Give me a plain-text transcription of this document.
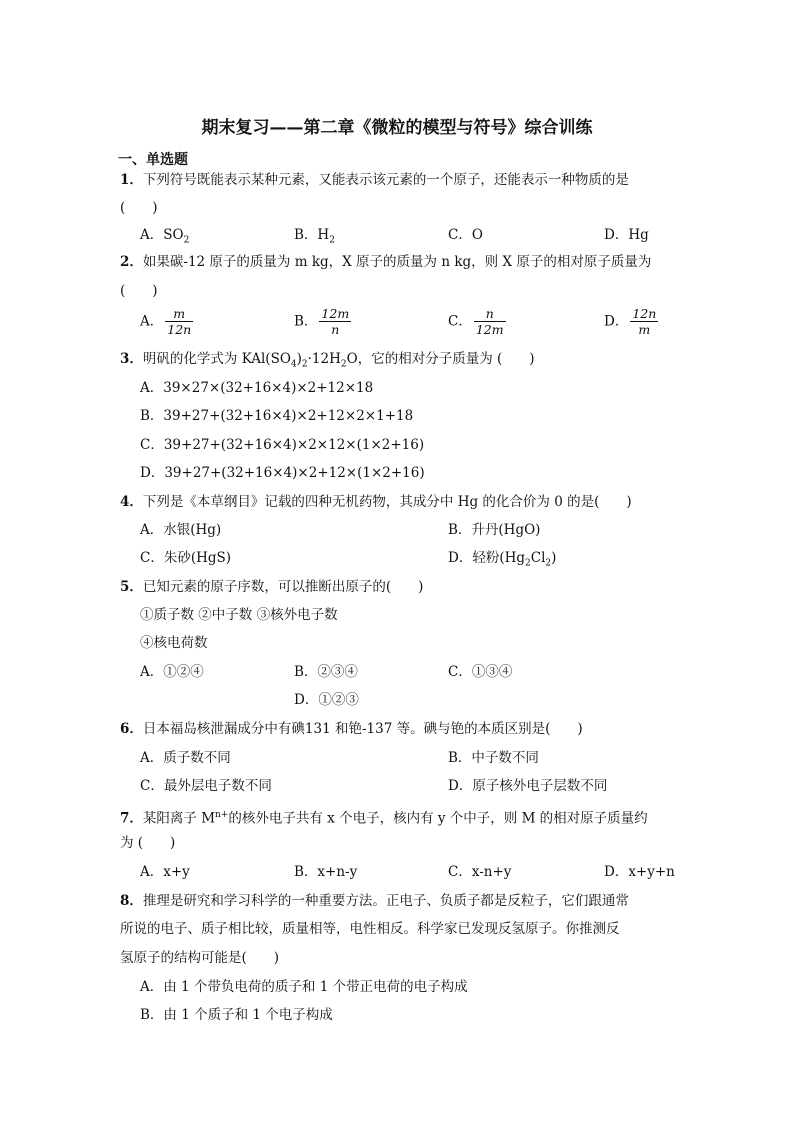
期末复习——第二章《微粒的模型与符号》综合训练
一、单选题
1．下列符号既能表示某种元素，又能表示该元素的一个原子，还能表示一种物质的是
(　　)
A．$SO_2$	B．$H_2$	C．O	D．Hg
2．如果碳-12 原子的质量为 m kg，X 原子的质量为 n kg，则 X 原子的相对原子质量为
(　　)
A． $\frac{m}{12n}$	B． $\frac{12m}{n}$	C． $\frac{n}{12m}$	D． $\frac{12n}{m}$
3．明矾的化学式为 $KAl(SO_4)_2\cdot 12H_2O$，它的相对分子质量为 (　　)
A．39×27×(32+16×4)×2+12×18
B．39+27+(32+16×4)×2+12×2×1+18
C．39+27+(32+16×4)×2×12×(1×2+16)
D．39+27+(32+16×4)×2+12×(1×2+16)
4．下列是《本草纲目》记载的四种无机药物，其成分中 Hg 的化合价为 0 的是(　　)
A．水银(Hg)	B．升丹(HgO)
C．朱砂(HgS)	D．轻粉$(Hg_2Cl_2)$
5．已知元素的原子序数，可以推断出原子的(　　)
①质子数 ②中子数 ③核外电子数
④核电荷数
A．①②④	B．②③④	C．①③④
D．①②③
6．日本福岛核泄漏成分中有碘131 和铯-137 等。碘与铯的本质区别是(　　)
A．质子数不同	B．中子数不同
C．最外层电子数不同	D．原子核外电子层数不同
7．某阳离子 $M^{n+}$的核外电子共有 x 个电子，核内有 y 个中子，则 M 的相对原子质量约
为 (　　)
A．x+y	B．x+n-y	C．x-n+y	D．x+y+n
8．推理是研究和学习科学的一种重要方法。正电子、负质子都是反粒子，它们跟通常
所说的电子、质子相比较，质量相等，电性相反。科学家已发现反氢原子。你推测反
氢原子的结构可能是(　　)
A．由 1 个带负电荷的质子和 1 个带正电荷的电子构成
B．由 1 个质子和 1 个电子构成
